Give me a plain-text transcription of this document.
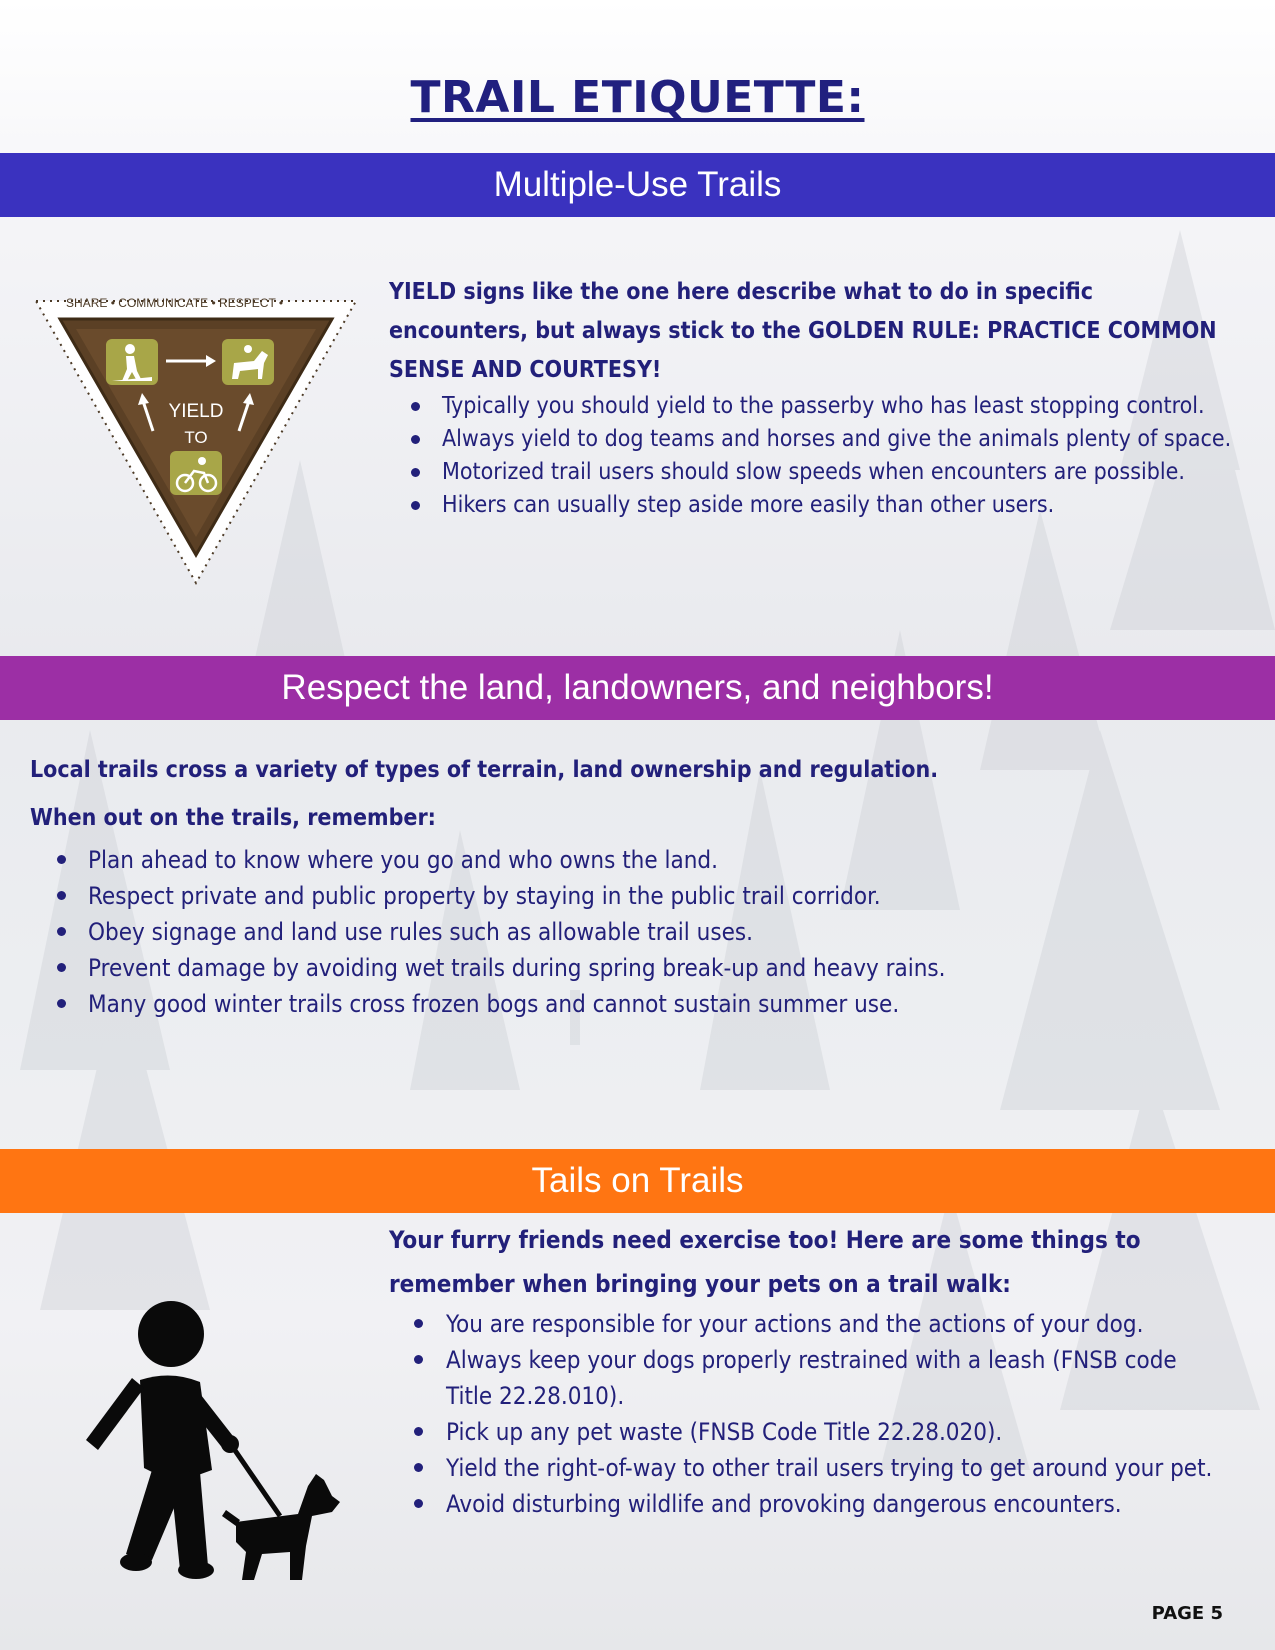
TRAIL ETIQUETTE:
Multiple-Use Trails
YIELD
TO
SHARE • COMMUNICATE • RESPECT •	YIELD signs like the one here describe what to do in specific encounters, but always stick to the GOLDEN RULE: PRACTICE COMMON SENSE AND COURTESY!

Typically you should yield to the passerby who has least stopping control.
Always yield to dog teams and horses and give the animals plenty of space.
Motorized trail users should slow speeds when encounters are possible.
Hikers can usually step aside more easily than other users.
Respect the land, landowners, and neighbors!

Local trails cross a variety of types of terrain, land ownership and regulation. When out on the trails, remember:

Plan ahead to know where you go and who owns the land.
Respect private and public property by staying in the public trail corridor.
Obey signage and land use rules such as allowable trail uses.
Prevent damage by avoiding wet trails during spring break-up and heavy rains.
Many good winter trails cross frozen bogs and cannot sustain summer use.
Tails on Trails

Your furry friends need exercise too! Here are some things to remember when bringing your pets on a trail walk:

You are responsible for your actions and the actions of your dog.
Always keep your dogs properly restrained with a leash (FNSB code Title 22.28.010).
Pick up any pet waste (FNSB Code Title 22.28.020).
Yield the right-of-way to other trail users trying to get around your pet.
Avoid disturbing wildlife and provoking dangerous encounters.
PAGE 5
